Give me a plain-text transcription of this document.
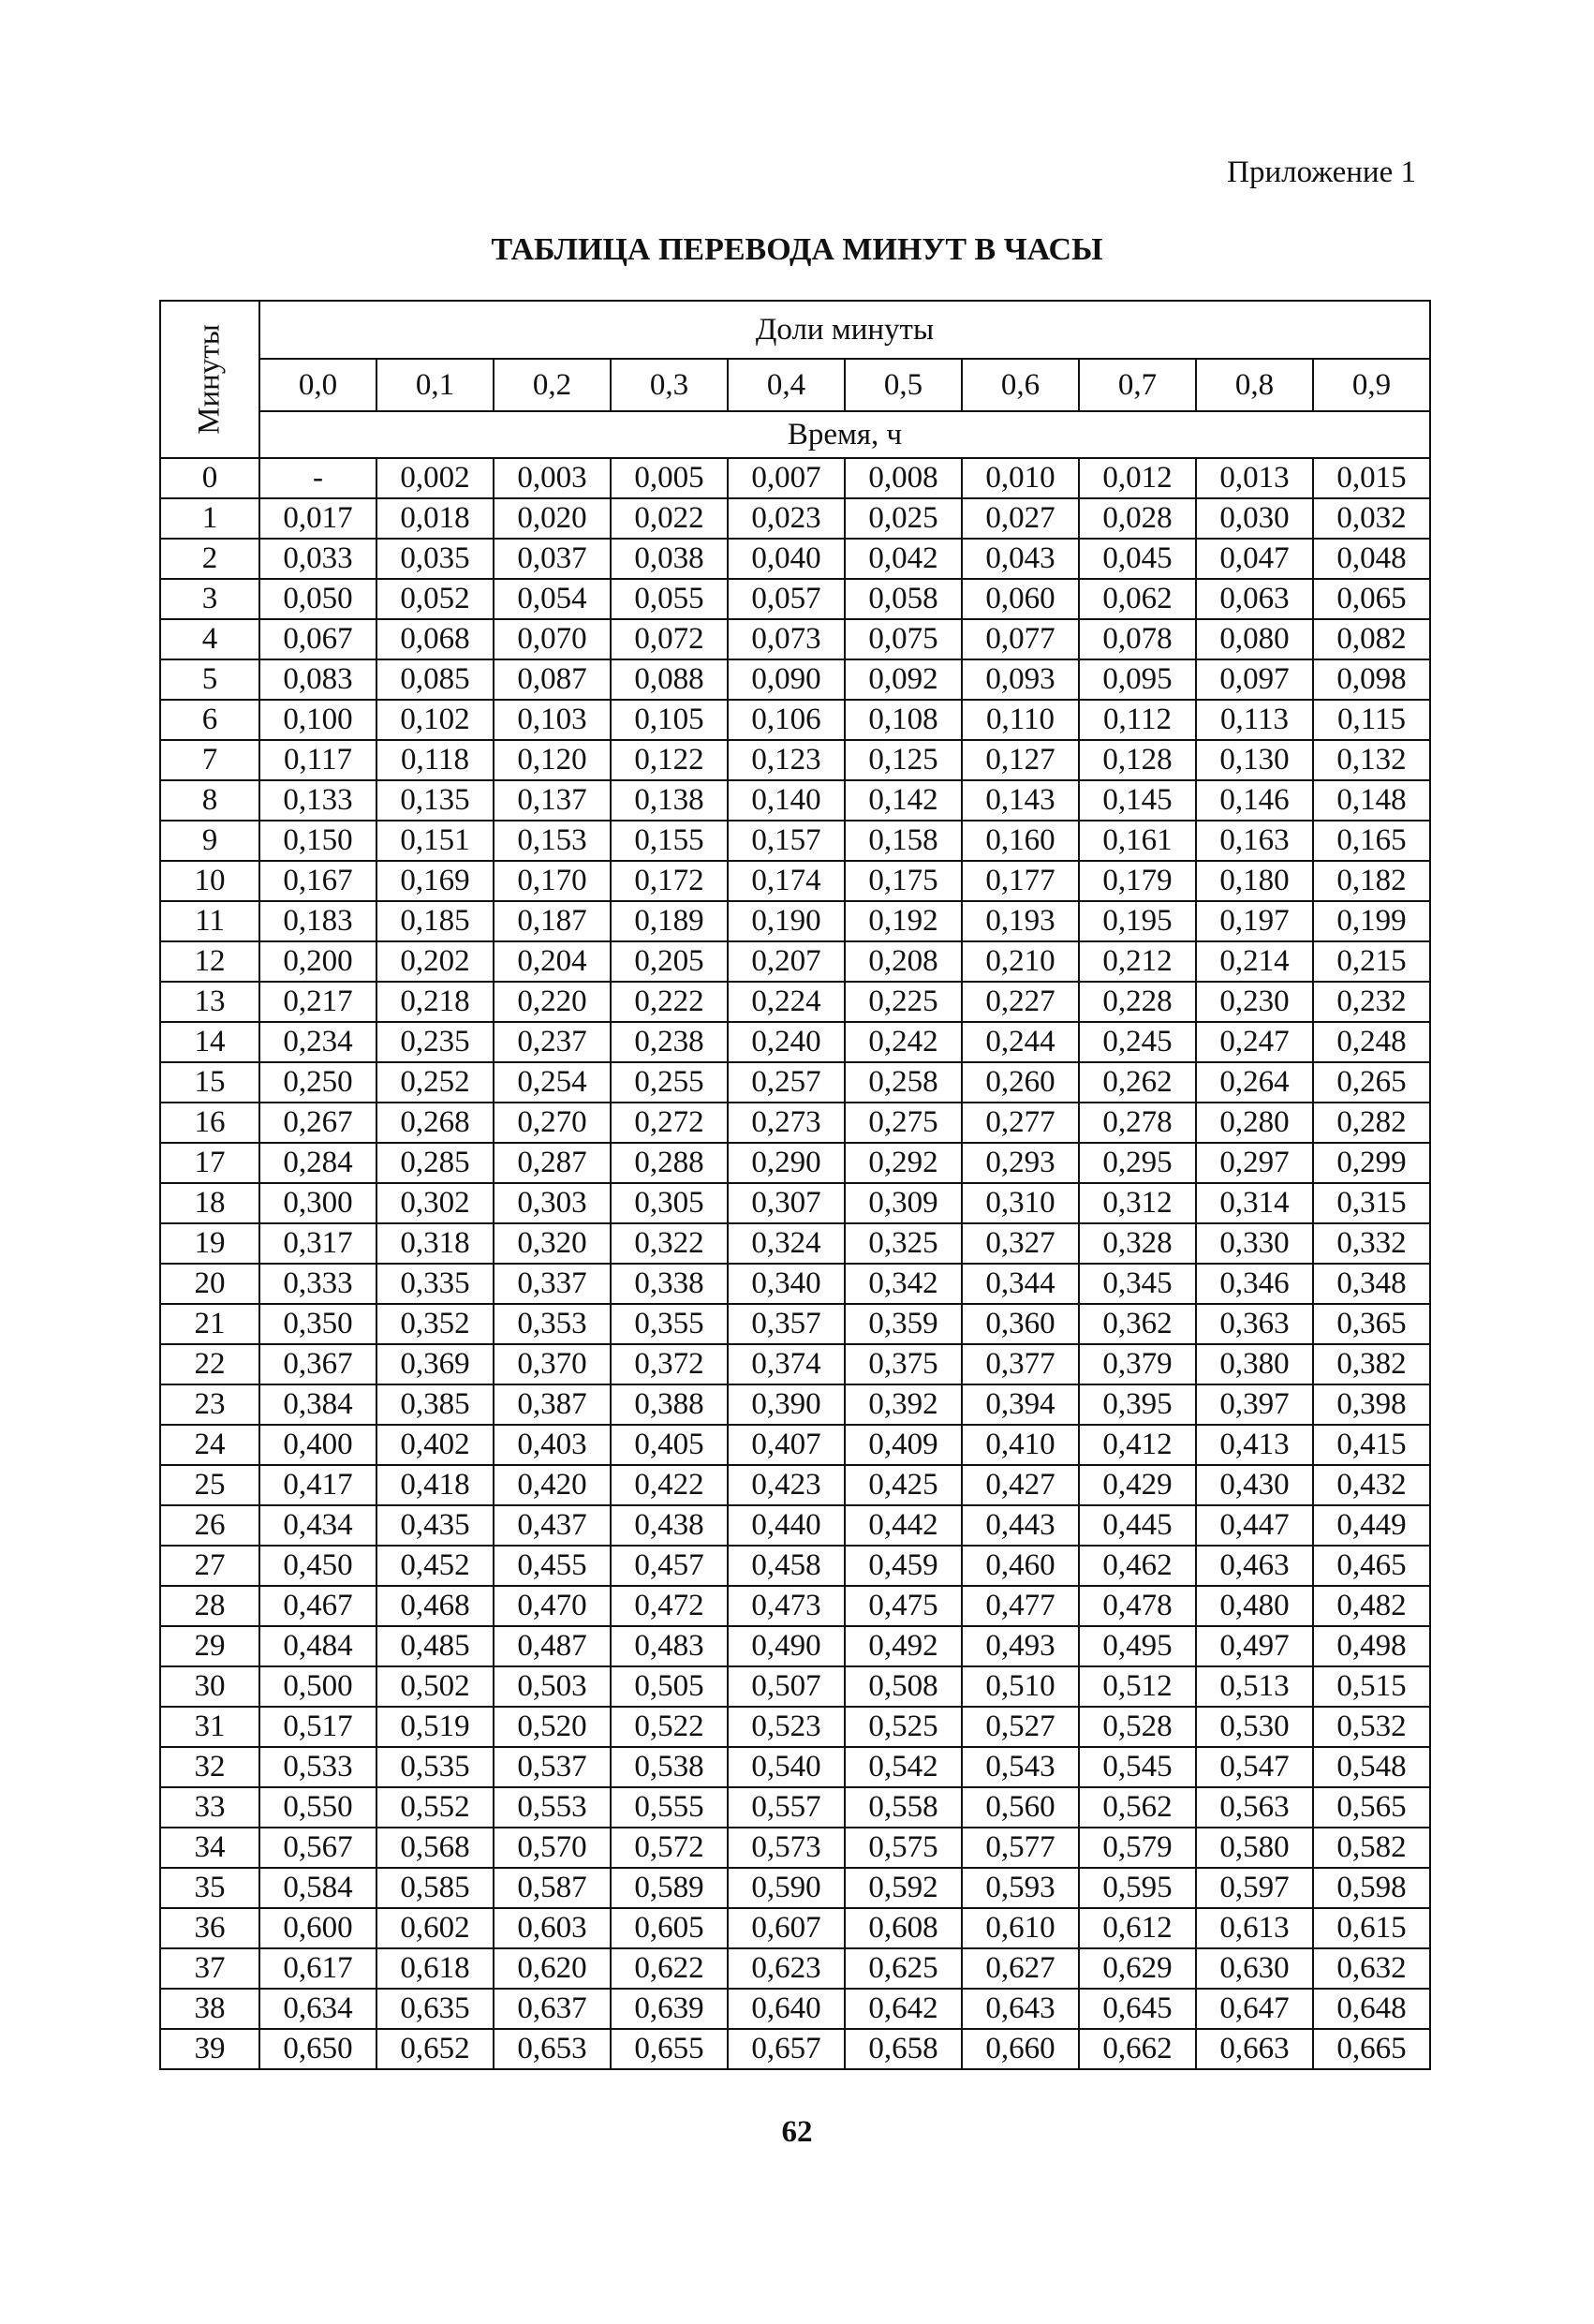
Приложение 1
ТАБЛИЦА ПЕРЕВОДА МИНУТ В ЧАСЫ
Минуты	Доли минуты									
	0,0	0,1	0,2	0,3	0,4	0,5	0,6	0,7	0,8	0,9
	Время, ч									
0	-	0,002	0,003	0,005	0,007	0,008	0,010	0,012	0,013	0,015
1	0,017	0,018	0,020	0,022	0,023	0,025	0,027	0,028	0,030	0,032
2	0,033	0,035	0,037	0,038	0,040	0,042	0,043	0,045	0,047	0,048
3	0,050	0,052	0,054	0,055	0,057	0,058	0,060	0,062	0,063	0,065
4	0,067	0,068	0,070	0,072	0,073	0,075	0,077	0,078	0,080	0,082
5	0,083	0,085	0,087	0,088	0,090	0,092	0,093	0,095	0,097	0,098
6	0,100	0,102	0,103	0,105	0,106	0,108	0,110	0,112	0,113	0,115
7	0,117	0,118	0,120	0,122	0,123	0,125	0,127	0,128	0,130	0,132
8	0,133	0,135	0,137	0,138	0,140	0,142	0,143	0,145	0,146	0,148
9	0,150	0,151	0,153	0,155	0,157	0,158	0,160	0,161	0,163	0,165
10	0,167	0,169	0,170	0,172	0,174	0,175	0,177	0,179	0,180	0,182
11	0,183	0,185	0,187	0,189	0,190	0,192	0,193	0,195	0,197	0,199
12	0,200	0,202	0,204	0,205	0,207	0,208	0,210	0,212	0,214	0,215
13	0,217	0,218	0,220	0,222	0,224	0,225	0,227	0,228	0,230	0,232
14	0,234	0,235	0,237	0,238	0,240	0,242	0,244	0,245	0,247	0,248
15	0,250	0,252	0,254	0,255	0,257	0,258	0,260	0,262	0,264	0,265
16	0,267	0,268	0,270	0,272	0,273	0,275	0,277	0,278	0,280	0,282
17	0,284	0,285	0,287	0,288	0,290	0,292	0,293	0,295	0,297	0,299
18	0,300	0,302	0,303	0,305	0,307	0,309	0,310	0,312	0,314	0,315
19	0,317	0,318	0,320	0,322	0,324	0,325	0,327	0,328	0,330	0,332
20	0,333	0,335	0,337	0,338	0,340	0,342	0,344	0,345	0,346	0,348
21	0,350	0,352	0,353	0,355	0,357	0,359	0,360	0,362	0,363	0,365
22	0,367	0,369	0,370	0,372	0,374	0,375	0,377	0,379	0,380	0,382
23	0,384	0,385	0,387	0,388	0,390	0,392	0,394	0,395	0,397	0,398
24	0,400	0,402	0,403	0,405	0,407	0,409	0,410	0,412	0,413	0,415
25	0,417	0,418	0,420	0,422	0,423	0,425	0,427	0,429	0,430	0,432
26	0,434	0,435	0,437	0,438	0,440	0,442	0,443	0,445	0,447	0,449
27	0,450	0,452	0,455	0,457	0,458	0,459	0,460	0,462	0,463	0,465
28	0,467	0,468	0,470	0,472	0,473	0,475	0,477	0,478	0,480	0,482
29	0,484	0,485	0,487	0,483	0,490	0,492	0,493	0,495	0,497	0,498
30	0,500	0,502	0,503	0,505	0,507	0,508	0,510	0,512	0,513	0,515
31	0,517	0,519	0,520	0,522	0,523	0,525	0,527	0,528	0,530	0,532
32	0,533	0,535	0,537	0,538	0,540	0,542	0,543	0,545	0,547	0,548
33	0,550	0,552	0,553	0,555	0,557	0,558	0,560	0,562	0,563	0,565
34	0,567	0,568	0,570	0,572	0,573	0,575	0,577	0,579	0,580	0,582
35	0,584	0,585	0,587	0,589	0,590	0,592	0,593	0,595	0,597	0,598
36	0,600	0,602	0,603	0,605	0,607	0,608	0,610	0,612	0,613	0,615
37	0,617	0,618	0,620	0,622	0,623	0,625	0,627	0,629	0,630	0,632
38	0,634	0,635	0,637	0,639	0,640	0,642	0,643	0,645	0,647	0,648
39	0,650	0,652	0,653	0,655	0,657	0,658	0,660	0,662	0,663	0,665
62
